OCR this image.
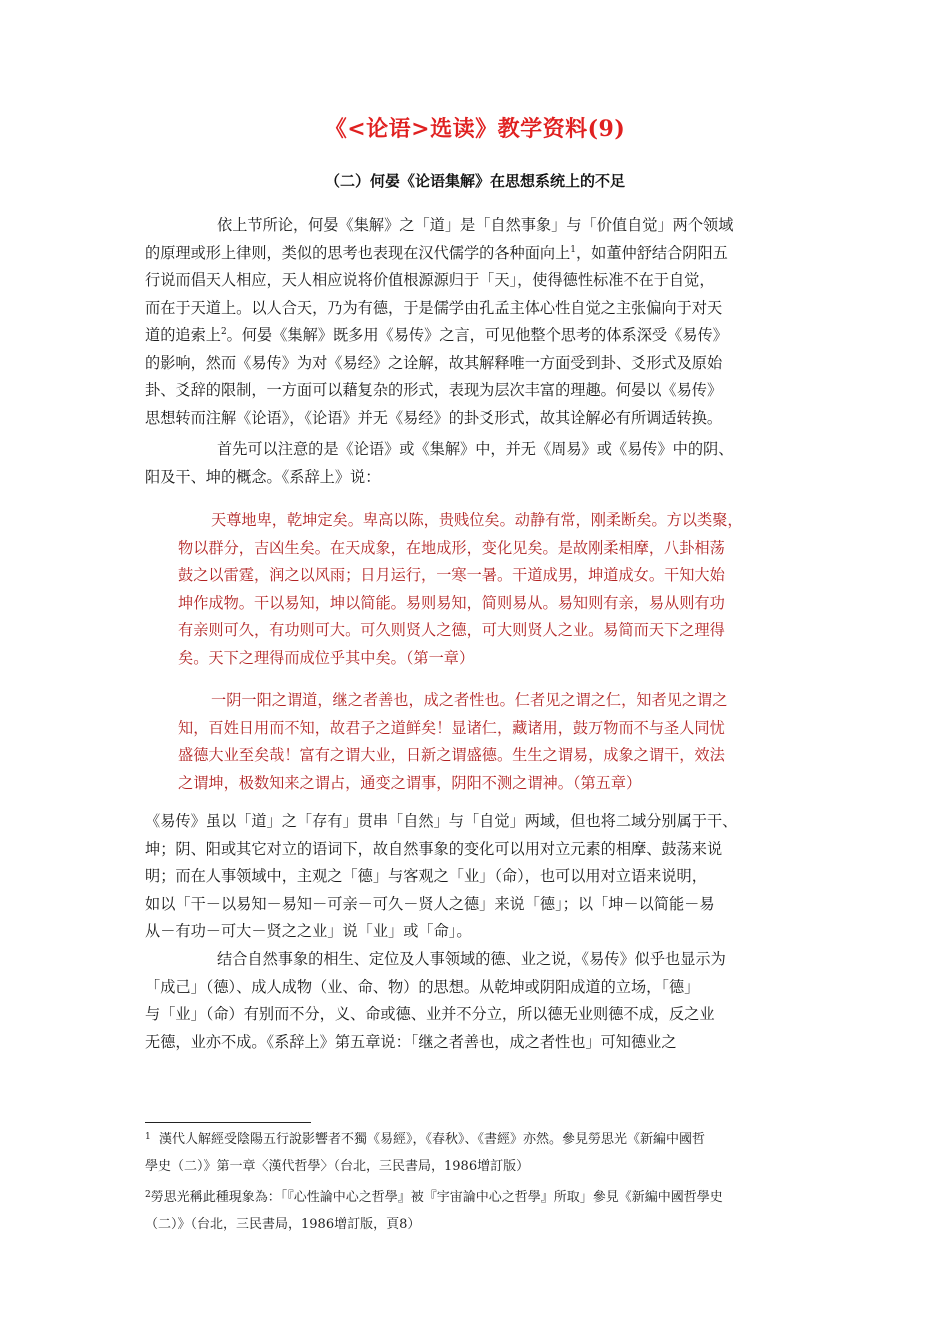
《<论语>选读》教学资料(9)
（二）何晏《论语集解》在思想系统上的不足
依上节所论，何晏《集解》之「道」是「自然事象」与「价值自觉」两个领域
的原理或形上律则，类似的思考也表现在汉代儒学的各种面向上$^1$，如董仲舒结合阴阳五
行说而倡天人相应，天人相应说将价值根源源归于「天」，使得德性标准不在于自觉，
而在于天道上。以人合天，乃为有德，于是儒学由孔孟主体心性自觉之主张偏向于对天
道的追索上$^2$。何晏《集解》既多用《易传》之言，可见他整个思考的体系深受《易传》
的影响，然而《易传》为对《易经》之诠解，故其解释唯一方面受到卦、爻形式及原始
卦、爻辞的限制，一方面可以藉复杂的形式，表现为层次丰富的理趣。何晏以《易传》
思想转而注解《论语》，《论语》并无《易经》的卦爻形式，故其诠解必有所调适转换。
首先可以注意的是《论语》或《集解》中，并无《周易》或《易传》中的阴、
阳及干、坤的概念。《系辞上》说：
天尊地卑，乾坤定矣。卑高以陈，贵贱位矣。动静有常，刚柔断矣。方以类聚，
物以群分，吉凶生矣。在天成象，在地成形，变化见矣。是故刚柔相摩，八卦相荡
鼓之以雷霆，润之以风雨；日月运行，一寒一暑。干道成男，坤道成女。干知大始
坤作成物。干以易知，坤以简能。易则易知，简则易从。易知则有亲，易从则有功
有亲则可久，有功则可大。可久则贤人之德，可大则贤人之业。易简而天下之理得
矣。天下之理得而成位乎其中矣。（第一章）
一阴一阳之谓道，继之者善也，成之者性也。仁者见之谓之仁，知者见之谓之
知，百姓日用而不知，故君子之道鲜矣！显诸仁，藏诸用，鼓万物而不与圣人同忧
盛德大业至矣哉！富有之谓大业，日新之谓盛德。生生之谓易，成象之谓干，效法
之谓坤，极数知来之谓占，通变之谓事，阴阳不测之谓神。（第五章）
《易传》虽以「道」之「存有」贯串「自然」与「自觉」两域，但也将二域分别属于干、
坤；阴、阳或其它对立的语词下，故自然事象的变化可以用对立元素的相摩、鼓荡来说
明；而在人事领域中，主观之「德」与客观之「业」（命），也可以用对立语来说明，
如以「干－以易知－易知－可亲－可久－贤人之德」来说「德」；以「坤－以简能－易
从－有功－可大－贤之之业」说「业」或「命」。
结合自然事象的相生、定位及人事领域的德、业之说，《易传》似乎也显示为
「成己」（德）、成人成物（业、命、物）的思想。从乾坤或阴阳成道的立场，「德」
与「业」（命）有别而不分，义、命或德、业并不分立，所以德无业则德不成，反之业
无德，业亦不成。《系辞上》第五章说：「继之者善也，成之者性也」可知德业之
$^1$ 漢代人解經受陰陽五行說影響者不獨《易經》，《春秋》、《書經》亦然。參見勞思光《新編中國哲
學史（二）》第一章〈漢代哲學〉（台北，三民書局，1986增訂版）
$^2$勞思光稱此種現象為：「『心性論中心之哲學』被『宇宙論中心之哲學』所取」參見《新編中國哲學史
（二）》（台北，三民書局，1986增訂版，頁8）
